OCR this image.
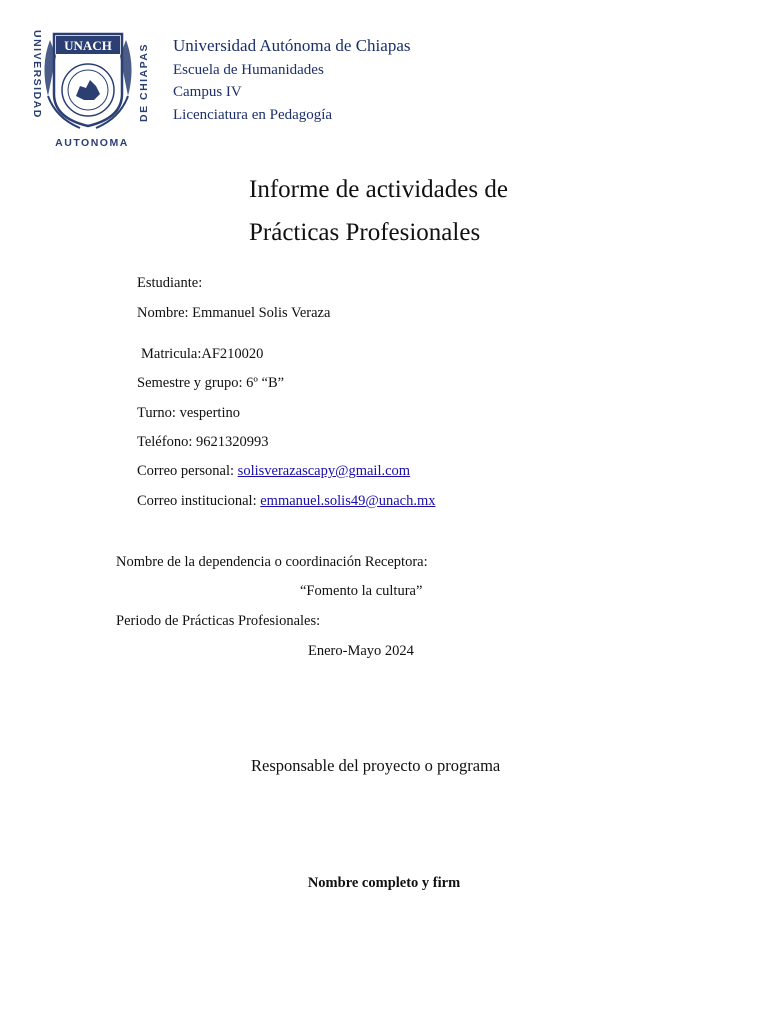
UNIVERSIDAD	DE CHIAPAS
UNACH
AUTONOMA
Universidad Autónoma de Chiapas
Escuela de Humanidades
Campus IV
Licenciatura en Pedagogía
Informe de actividades de
Prácticas Profesionales
Estudiante:
Nombre: Emmanuel Solis Veraza
Matricula:AF210020
Semestre y grupo: 6º “B”
Turno: vespertino
Teléfono: 9621320993
Correo personal: solisverazascapy@gmail.com
Correo institucional: emmanuel.solis49@unach.mx
Nombre de la dependencia o coordinación Receptora:
“Fomento la cultura”
Periodo de Prácticas Profesionales:
Enero-Mayo 2024
Responsable del proyecto o programa
Nombre completo y firm
